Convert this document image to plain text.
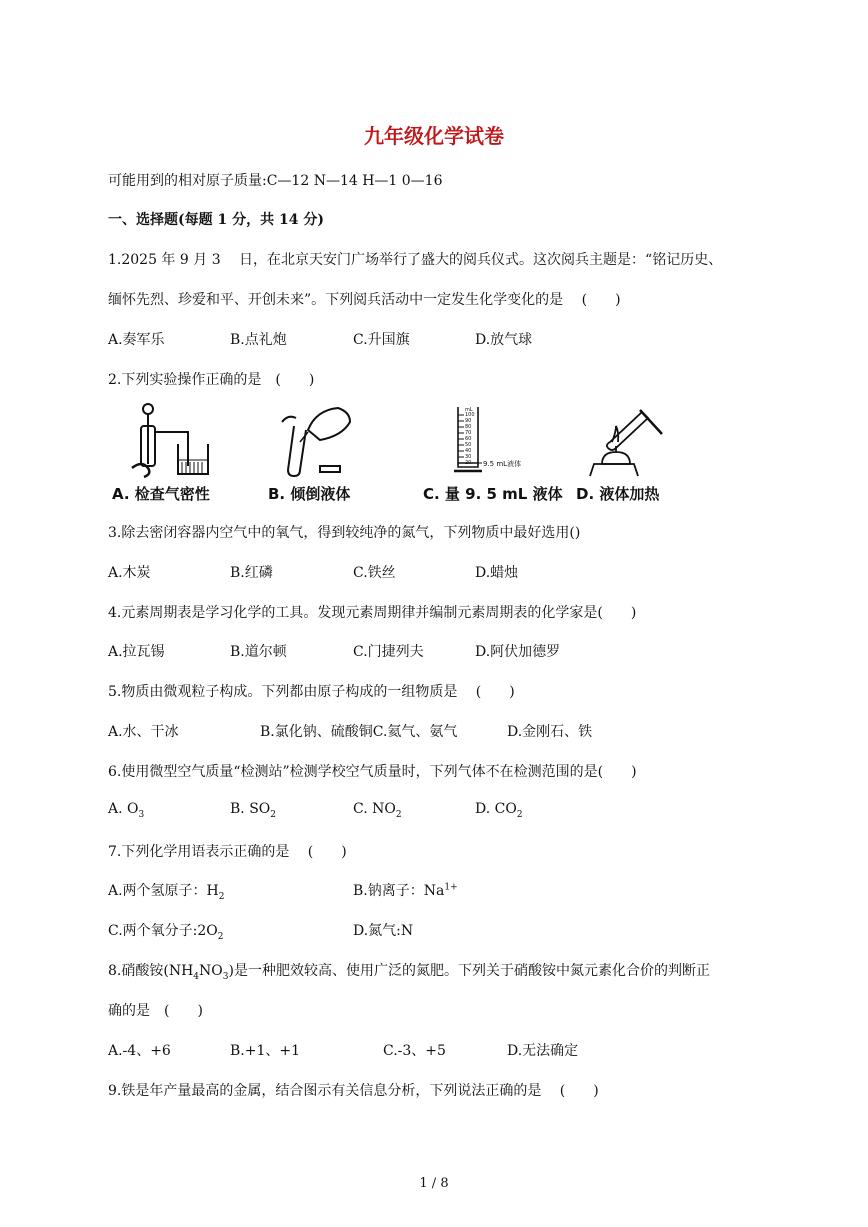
九年级化学试卷
可能用到的相对原子质量:C—12 N—14 H—1 0—16
一、选择题(每题 1 分，共 14 分)
1.2025 年 9 月 3　 日，在北京天安门广场举行了盛大的阅兵仪式。这次阅兵主题是：“铭记历史、
缅怀先烈、珍爱和平、开创未来”。下列阅兵活动中一定发生化学变化的是　 (　　)
A.奏军乐	B.点礼炮	C.升国旗	D.放气球
2.下列实验操作正确的是　(　　)
mL
100
90
80
70
60
50
40
30
20 9.5 mL液体
A. 检查气密性	B. 倾倒液体	C. 量 9. 5 mL 液体 D. 液体加热
3.除去密闭容器内空气中的氧气，得到较纯净的氮气，下列物质中最好选用()
A.木炭	B.红磷	C.铁丝	D.蜡烛
4.元素周期表是学习化学的工具。发现元素周期律并编制元素周期表的化学家是(　　)
A.拉瓦锡	B.道尔顿	C.门捷列夫	D.阿伏加德罗
5.物质由微观粒子构成。下列都由原子构成的一组物质是　 (　　)
A.水、干冰	B.氯化钠、硫酸铜C.氦气、氨气	D.金刚石、铁
6.使用微型空气质量“检测站”检测学校空气质量时，下列气体不在检测范围的是(　　)
A. $O_3$	B. $SO_2$	C. $NO_2$	D. $CO_2$
7.下列化学用语表示正确的是　 (　　)
A.两个氢原子：$H_2$	B.钠离子：$Na^{1+}$
C.两个氧分子$:2O_2$	D.氮气:N
8.硝酸铵$(NH_4NO_3)$是一种肥效较高、使用广泛的氮肥。下列关于硝酸铵中氮元素化合价的判断正
确的是　(　　)
A.-4、+6	B.+1、+1	C.-3、+5	D.无法确定
9.铁是年产量最高的金属，结合图示有关信息分析，下列说法正确的是　 (　　)
1 / 8
